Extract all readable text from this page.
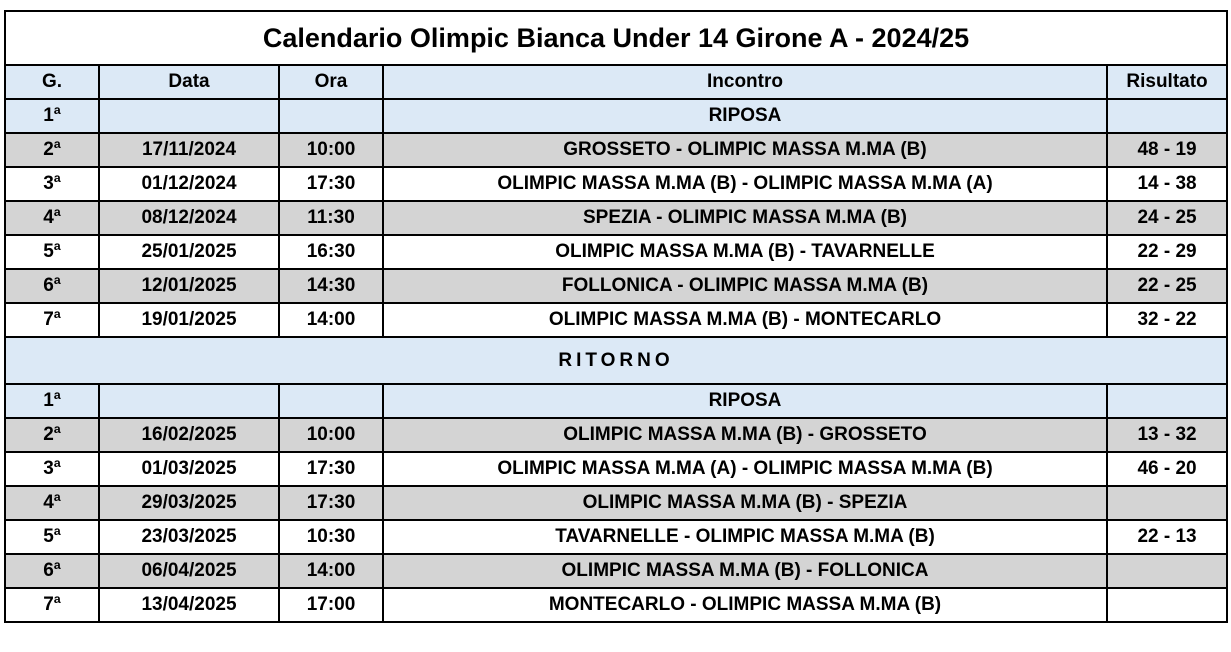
Calendario Olimpic Bianca Under 14 Girone A - 2024/25				
G.	Data	Ora	Incontro	Risultato
1ª			RIPOSA	
2ª	17/11/2024	10:00	GROSSETO - OLIMPIC MASSA M.MA (B)	48 - 19
3ª	01/12/2024	17:30	OLIMPIC MASSA M.MA (B) - OLIMPIC MASSA M.MA (A)	14 - 38
4ª	08/12/2024	11:30	SPEZIA - OLIMPIC MASSA M.MA (B)	24 - 25
5ª	25/01/2025	16:30	OLIMPIC MASSA M.MA (B) - TAVARNELLE	22 - 29
6ª	12/01/2025	14:30	FOLLONICA - OLIMPIC MASSA M.MA (B)	22 - 25
7ª	19/01/2025	14:00	OLIMPIC MASSA M.MA (B) - MONTECARLO	32 - 22
RITORNO				
1ª			RIPOSA	
2ª	16/02/2025	10:00	OLIMPIC MASSA M.MA (B) - GROSSETO	13 - 32
3ª	01/03/2025	17:30	OLIMPIC MASSA M.MA (A) - OLIMPIC MASSA M.MA (B)	46 - 20
4ª	29/03/2025	17:30	OLIMPIC MASSA M.MA (B) - SPEZIA	
5ª	23/03/2025	10:30	TAVARNELLE - OLIMPIC MASSA M.MA (B)	22 - 13
6ª	06/04/2025	14:00	OLIMPIC MASSA M.MA (B) - FOLLONICA	
7ª	13/04/2025	17:00	MONTECARLO - OLIMPIC MASSA M.MA (B)	
